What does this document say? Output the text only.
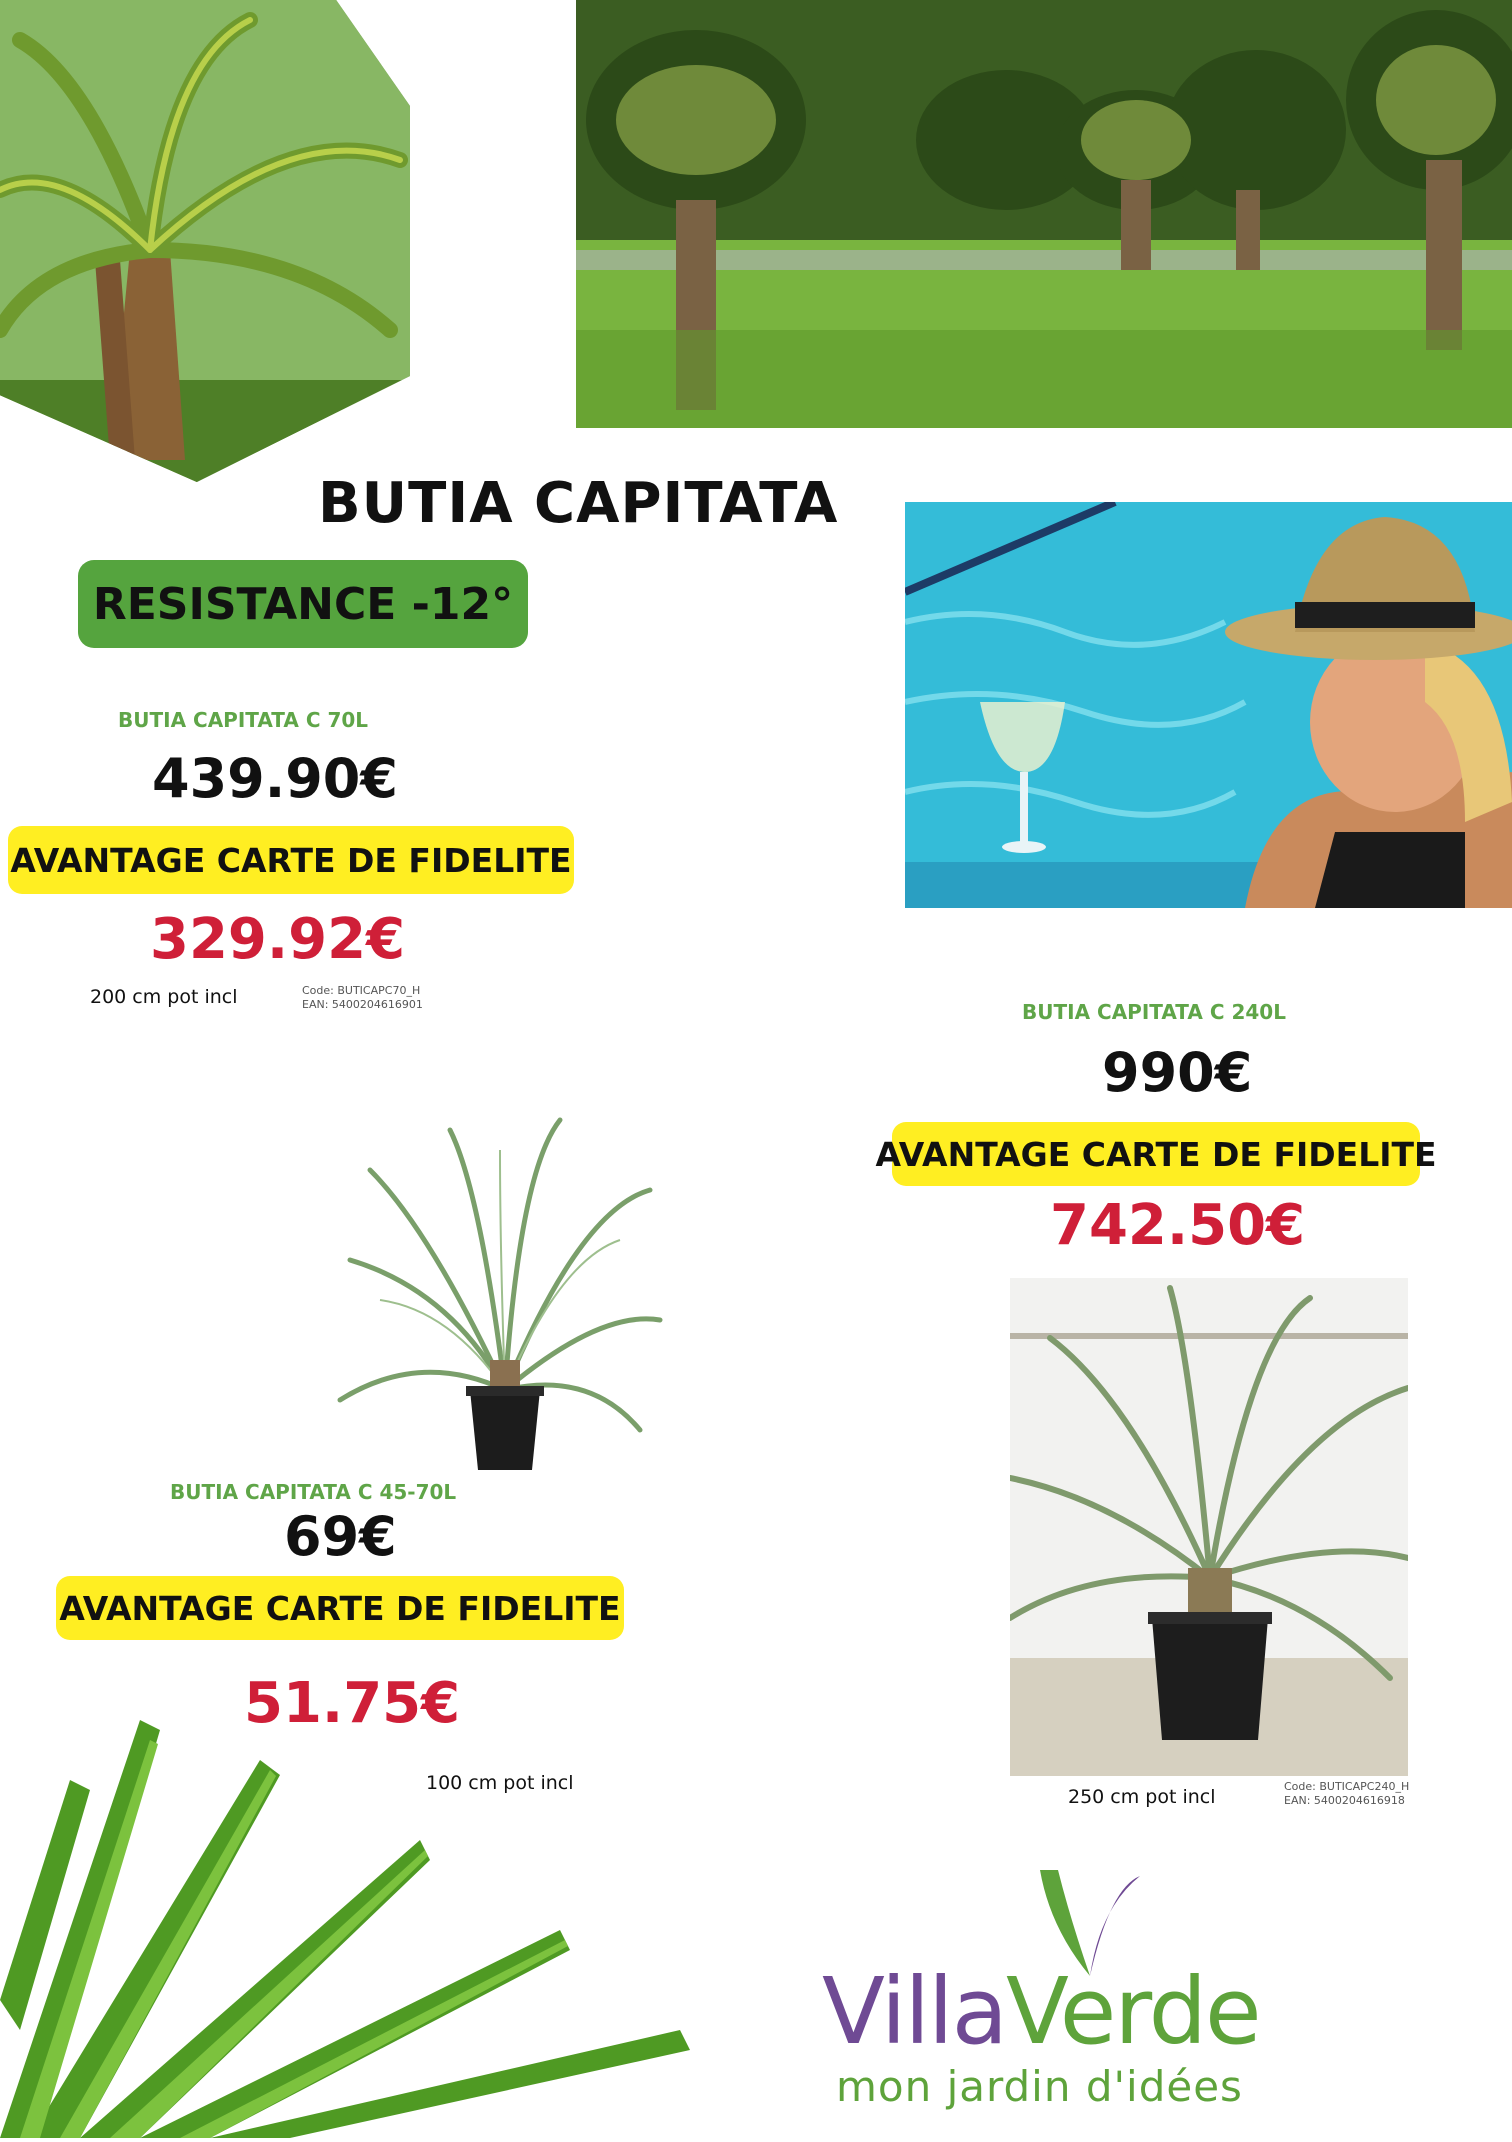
BUTIA CAPITATA
RESISTANCE -12°
BUTIA CAPITATA C 70L
439.90€
AVANTAGE CARTE DE FIDELITE
329.92€
200 cm pot incl	Code: BUTICAPC70_H
EAN: 5400204616901	BUTIA CAPITATA C 240L
990€
AVANTAGE CARTE DE FIDELITE
742.50€
250 cm pot incl	Code: BUTICAPC240_H
EAN: 5400204616918
BUTIA CAPITATA C 45-70L
69€
AVANTAGE CARTE DE FIDELITE
51.75€
100 cm pot incl
VillaVerde
mon jardin d'idées
